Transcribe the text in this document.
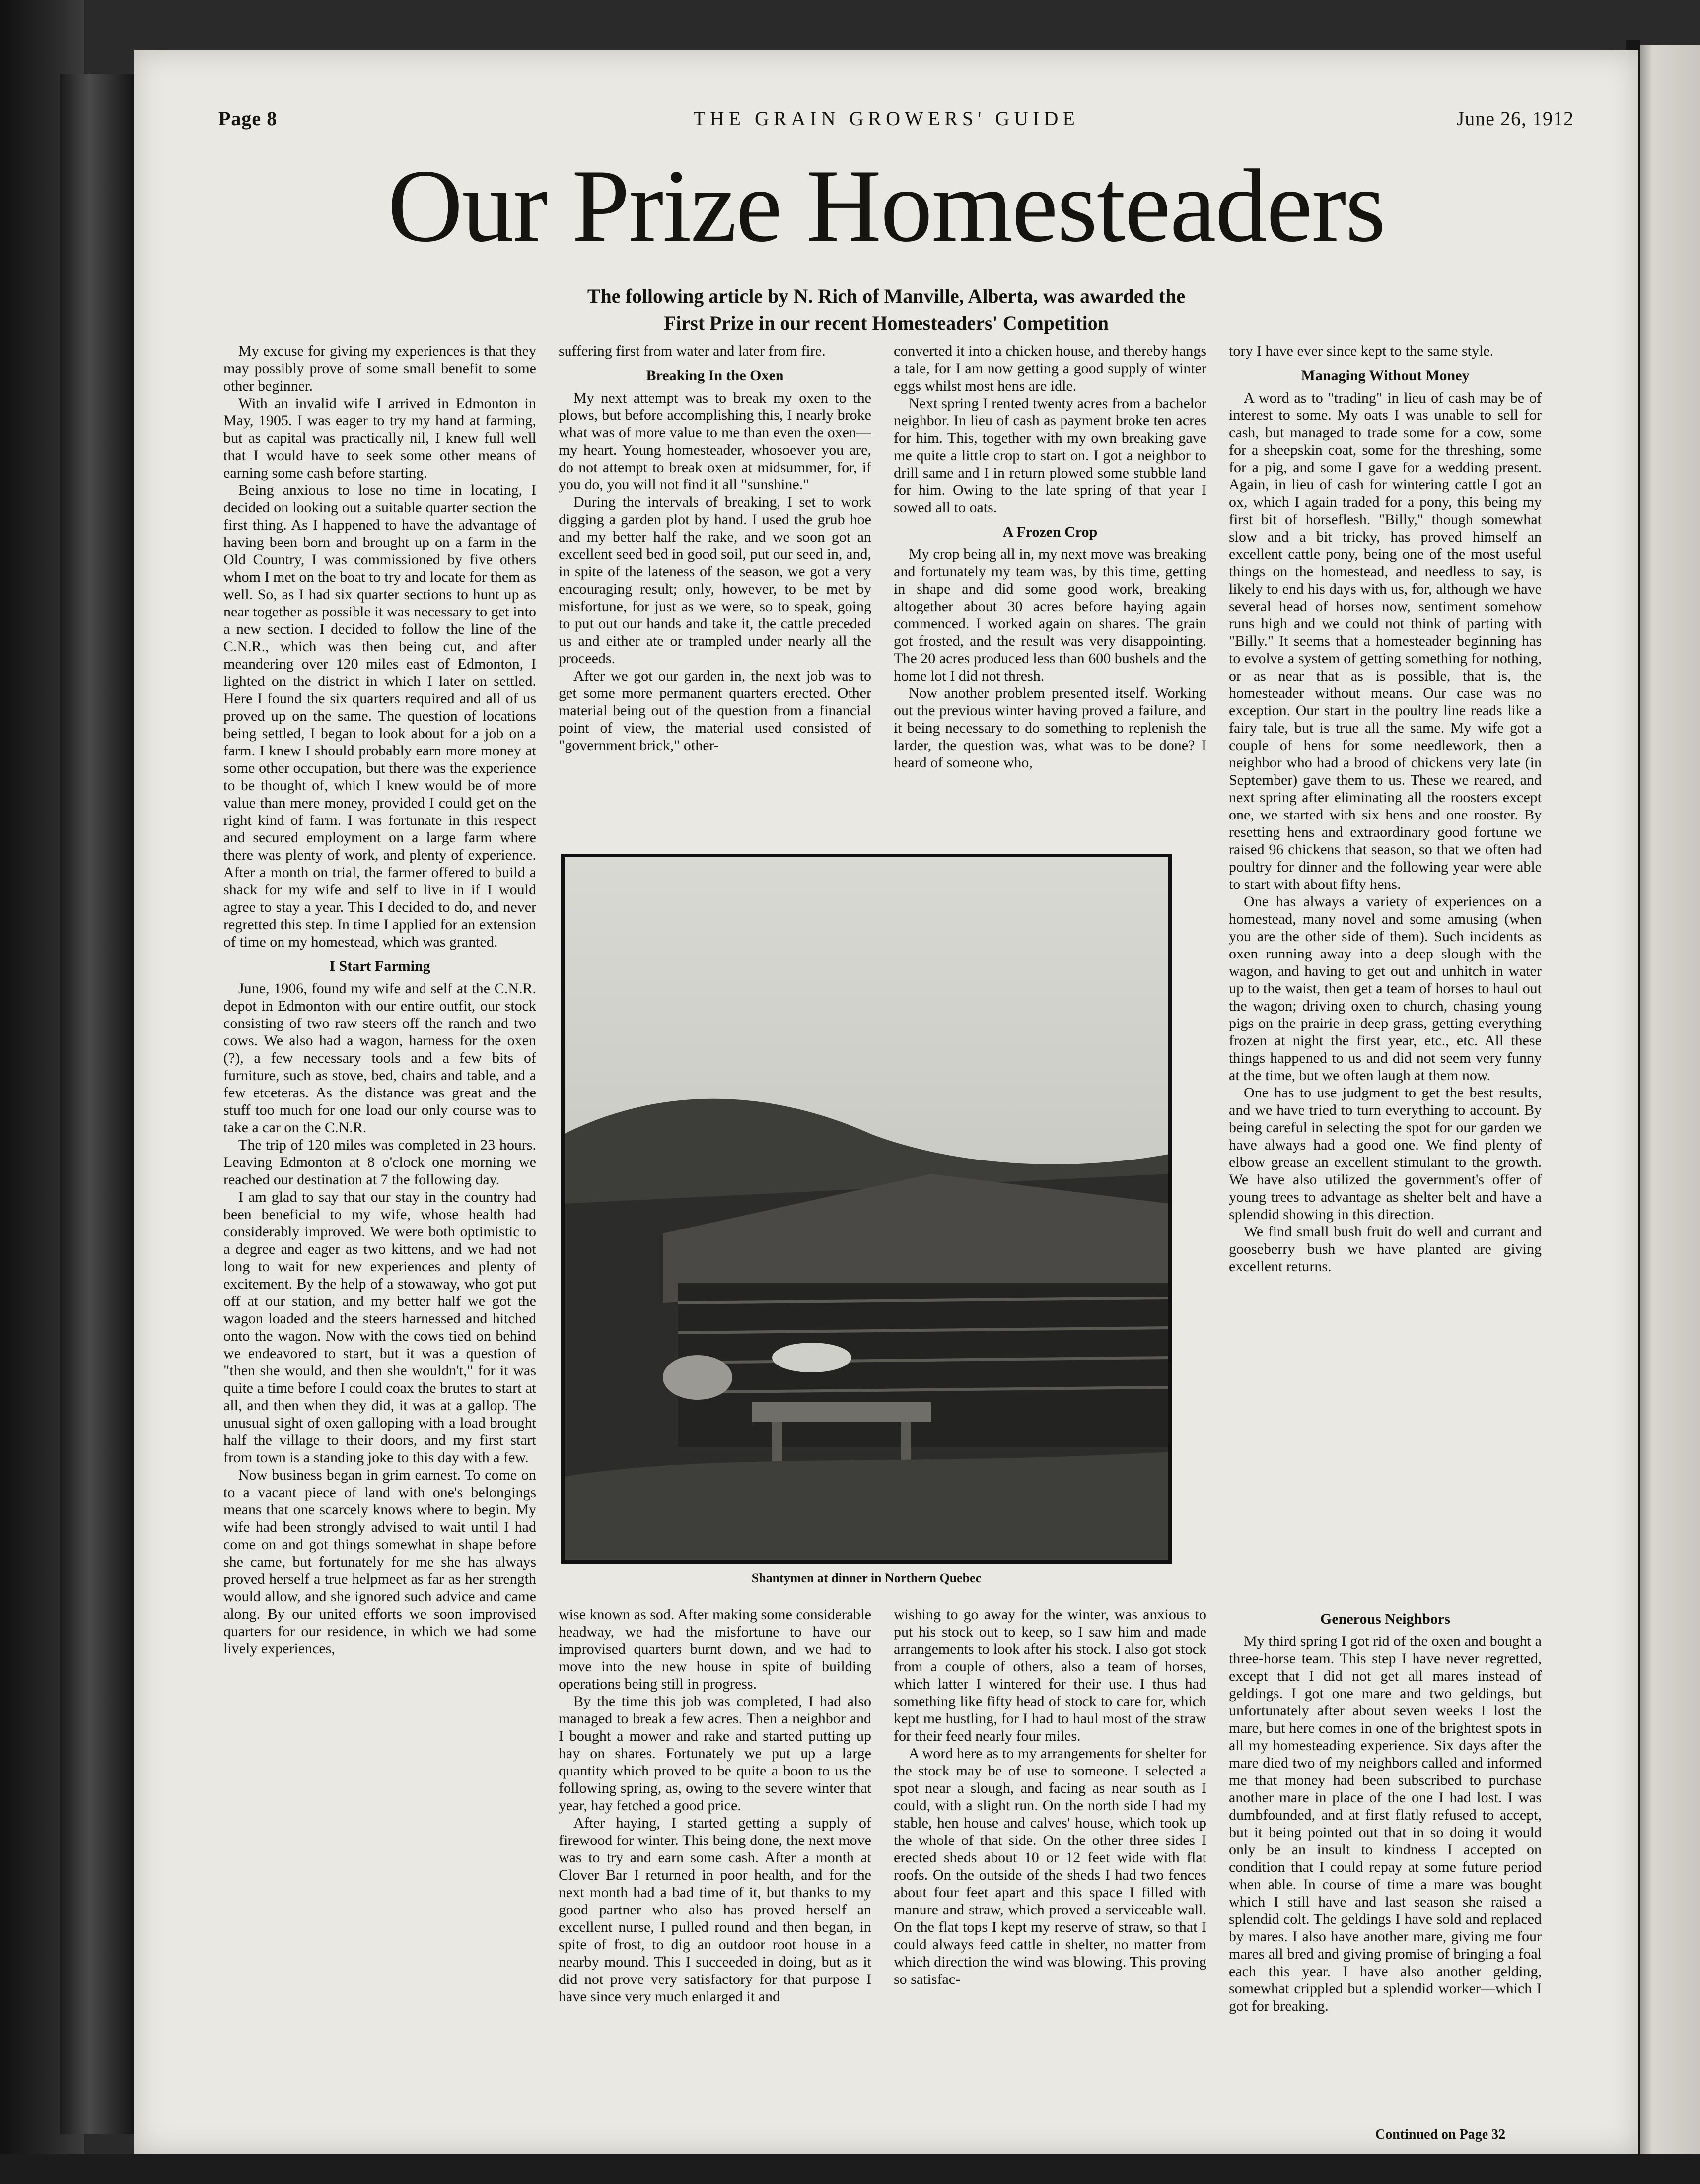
THE GRAIN GROWERS' GUIDE
Page 8	June 26, 1912
Our Prize Homesteaders
The following article by N. Rich of Manville, Alberta, was awarded the
First Prize in our recent Homesteaders' Competition

My excuse for giving my experiences is that they may possibly prove of some small benefit to some other beginner.

With an invalid wife I arrived in Edmonton in May, 1905. I was eager to try my hand at farming, but as capital was practically nil, I knew full well that I would have to seek some other means of earning some cash before starting.

Being anxious to lose no time in locating, I decided on looking out a suitable quarter section the first thing. As I happened to have the advantage of having been born and brought up on a farm in the Old Country, I was commissioned by five others whom I met on the boat to try and locate for them as well. So, as I had six quarter sections to hunt up as near together as possible it was necessary to get into a new section. I decided to follow the line of the C.N.R., which was then being cut, and after meandering over 120 miles east of Edmonton, I lighted on the district in which I later on settled. Here I found the six quarters required and all of us proved up on the same. The question of locations being settled, I began to look about for a job on a farm. I knew I should probably earn more money at some other occupation, but there was the experience to be thought of, which I knew would be of more value than mere money, provided I could get on the right kind of farm. I was fortunate in this respect and secured employment on a large farm where there was plenty of work, and plenty of experience. After a month on trial, the farmer offered to build a shack for my wife and self to live in if I would agree to stay a year. This I decided to do, and never regretted this step. In time I applied for an extension of time on my homestead, which was granted.

I Start Farming

June, 1906, found my wife and self at the C.N.R. depot in Edmonton with our entire outfit, our stock consisting of two raw steers off the ranch and two cows. We also had a wagon, harness for the oxen (?), a few necessary tools and a few bits of furniture, such as stove, bed, chairs and table, and a few etceteras. As the distance was great and the stuff too much for one load our only course was to take a car on the C.N.R.

The trip of 120 miles was completed in 23 hours. Leaving Edmonton at 8 o'clock one morning we reached our destination at 7 the following day.

I am glad to say that our stay in the country had been beneficial to my wife, whose health had considerably improved. We were both optimistic to a degree and eager as two kittens, and we had not long to wait for new experiences and plenty of excitement. By the help of a stowaway, who got put off at our station, and my better half we got the wagon loaded and the steers harnessed and hitched onto the wagon. Now with the cows tied on behind we endeavored to start, but it was a question of "then she would, and then she wouldn't," for it was quite a time before I could coax the brutes to start at all, and then when they did, it was at a gallop. The unusual sight of oxen galloping with a load brought half the village to their doors, and my first start from town is a standing joke to this day with a few.

Now business began in grim earnest. To come on to a vacant piece of land with one's belongings means that one scarcely knows where to begin. My wife had been strongly advised to wait until I had come on and got things somewhat in shape before she came, but fortunately for me she has always proved herself a true helpmeet as far as her strength would allow, and she ignored such advice and came along. By our united efforts we soon improvised quarters for our residence, in which we had some lively experiences,

suffering first from water and later from fire.

Breaking In the Oxen

My next attempt was to break my oxen to the plows, but before accomplishing this, I nearly broke what was of more value to me than even the oxen—my heart. Young homesteader, whosoever you are, do not attempt to break oxen at midsummer, for, if you do, you will not find it all "sunshine."

During the intervals of breaking, I set to work digging a garden plot by hand. I used the grub hoe and my better half the rake, and we soon got an excellent seed bed in good soil, put our seed in, and, in spite of the lateness of the season, we got a very encouraging result; only, however, to be met by misfortune, for just as we were, so to speak, going to put out our hands and take it, the cattle preceded us and either ate or trampled under nearly all the proceeds.

After we got our garden in, the next job was to get some more permanent quarters erected. Other material being out of the question from a financial point of view, the material used consisted of "government brick," other-

converted it into a chicken house, and thereby hangs a tale, for I am now getting a good supply of winter eggs whilst most hens are idle.

Next spring I rented twenty acres from a bachelor neighbor. In lieu of cash as payment broke ten acres for him. This, together with my own breaking gave me quite a little crop to start on. I got a neighbor to drill same and I in return plowed some stubble land for him. Owing to the late spring of that year I sowed all to oats.

A Frozen Crop

My crop being all in, my next move was breaking and fortunately my team was, by this time, getting in shape and did some good work, breaking altogether about 30 acres before haying again commenced. I worked again on shares. The grain got frosted, and the result was very disappointing. The 20 acres produced less than 600 bushels and the home lot I did not thresh.

Now another problem presented itself. Working out the previous winter having proved a failure, and it being necessary to do something to replenish the larder, the question was, what was to be done? I heard of someone who,

tory I have ever since kept to the same style.

Managing Without Money

A word as to "trading" in lieu of cash may be of interest to some. My oats I was unable to sell for cash, but managed to trade some for a cow, some for a sheepskin coat, some for the threshing, some for a pig, and some I gave for a wedding present. Again, in lieu of cash for wintering cattle I got an ox, which I again traded for a pony, this being my first bit of horseflesh. "Billy," though somewhat slow and a bit tricky, has proved himself an excellent cattle pony, being one of the most useful things on the homestead, and needless to say, is likely to end his days with us, for, although we have several head of horses now, sentiment somehow runs high and we could not think of parting with "Billy." It seems that a homesteader beginning has to evolve a system of getting something for nothing, or as near that as is possible, that is, the homesteader without means. Our case was no exception. Our start in the poultry line reads like a fairy tale, but is true all the same. My wife got a couple of hens for some needlework, then a neighbor who had a brood of chickens very late (in September) gave them to us. These we reared, and next spring after eliminating all the roosters except one, we started with six hens and one rooster. By resetting hens and extraordinary good fortune we raised 96 chickens that season, so that we often had poultry for dinner and the following year were able to start with about fifty hens.

One has always a variety of experiences on a homestead, many novel and some amusing (when you are the other side of them). Such incidents as oxen running away into a deep slough with the wagon, and having to get out and unhitch in water up to the waist, then get a team of horses to haul out the wagon; driving oxen to church, chasing young pigs on the prairie in deep grass, getting everything frozen at night the first year, etc., etc. All these things happened to us and did not seem very funny at the time, but we often laugh at them now.

One has to use judgment to get the best results, and we have tried to turn everything to account. By being careful in selecting the spot for our garden we have always had a good one. We find plenty of elbow grease an excellent stimulant to the growth. We have also utilized the government's offer of young trees to advantage as shelter belt and have a splendid showing in this direction.

We find small bush fruit do well and currant and gooseberry bush we have planted are giving excellent returns.

Shantymen at dinner in Northern Quebec

wise known as sod. After making some considerable headway, we had the misfortune to have our improvised quarters burnt down, and we had to move into the new house in spite of building operations being still in progress.

By the time this job was completed, I had also managed to break a few acres. Then a neighbor and I bought a mower and rake and started putting up hay on shares. Fortunately we put up a large quantity which proved to be quite a boon to us the following spring, as, owing to the severe winter that year, hay fetched a good price.

After haying, I started getting a supply of firewood for winter. This being done, the next move was to try and earn some cash. After a month at Clover Bar I returned in poor health, and for the next month had a bad time of it, but thanks to my good partner who also has proved herself an excellent nurse, I pulled round and then began, in spite of frost, to dig an outdoor root house in a nearby mound. This I succeeded in doing, but as it did not prove very satisfactory for that purpose I have since very much enlarged it and

wishing to go away for the winter, was anxious to put his stock out to keep, so I saw him and made arrangements to look after his stock. I also got stock from a couple of others, also a team of horses, which latter I wintered for their use. I thus had something like fifty head of stock to care for, which kept me hustling, for I had to haul most of the straw for their feed nearly four miles.

A word here as to my arrangements for shelter for the stock may be of use to someone. I selected a spot near a slough, and facing as near south as I could, with a slight run. On the north side I had my stable, hen house and calves' house, which took up the whole of that side. On the other three sides I erected sheds about 10 or 12 feet wide with flat roofs. On the outside of the sheds I had two fences about four feet apart and this space I filled with manure and straw, which proved a serviceable wall. On the flat tops I kept my reserve of straw, so that I could always feed cattle in shelter, no matter from which direction the wind was blowing. This proving so satisfac-

Generous Neighbors

My third spring I got rid of the oxen and bought a three-horse team. This step I have never regretted, except that I did not get all mares instead of geldings. I got one mare and two geldings, but unfortunately after about seven weeks I lost the mare, but here comes in one of the brightest spots in all my homesteading experience. Six days after the mare died two of my neighbors called and informed me that money had been subscribed to purchase another mare in place of the one I had lost. I was dumbfounded, and at first flatly refused to accept, but it being pointed out that in so doing it would only be an insult to kindness I accepted on condition that I could repay at some future period when able. In course of time a mare was bought which I still have and last season she raised a splendid colt. The geldings I have sold and replaced by mares. I also have another mare, giving me four mares all bred and giving promise of bringing a foal each this year. I have also another gelding, somewhat crippled but a splendid worker—which I got for breaking.

Continued on Page 32
